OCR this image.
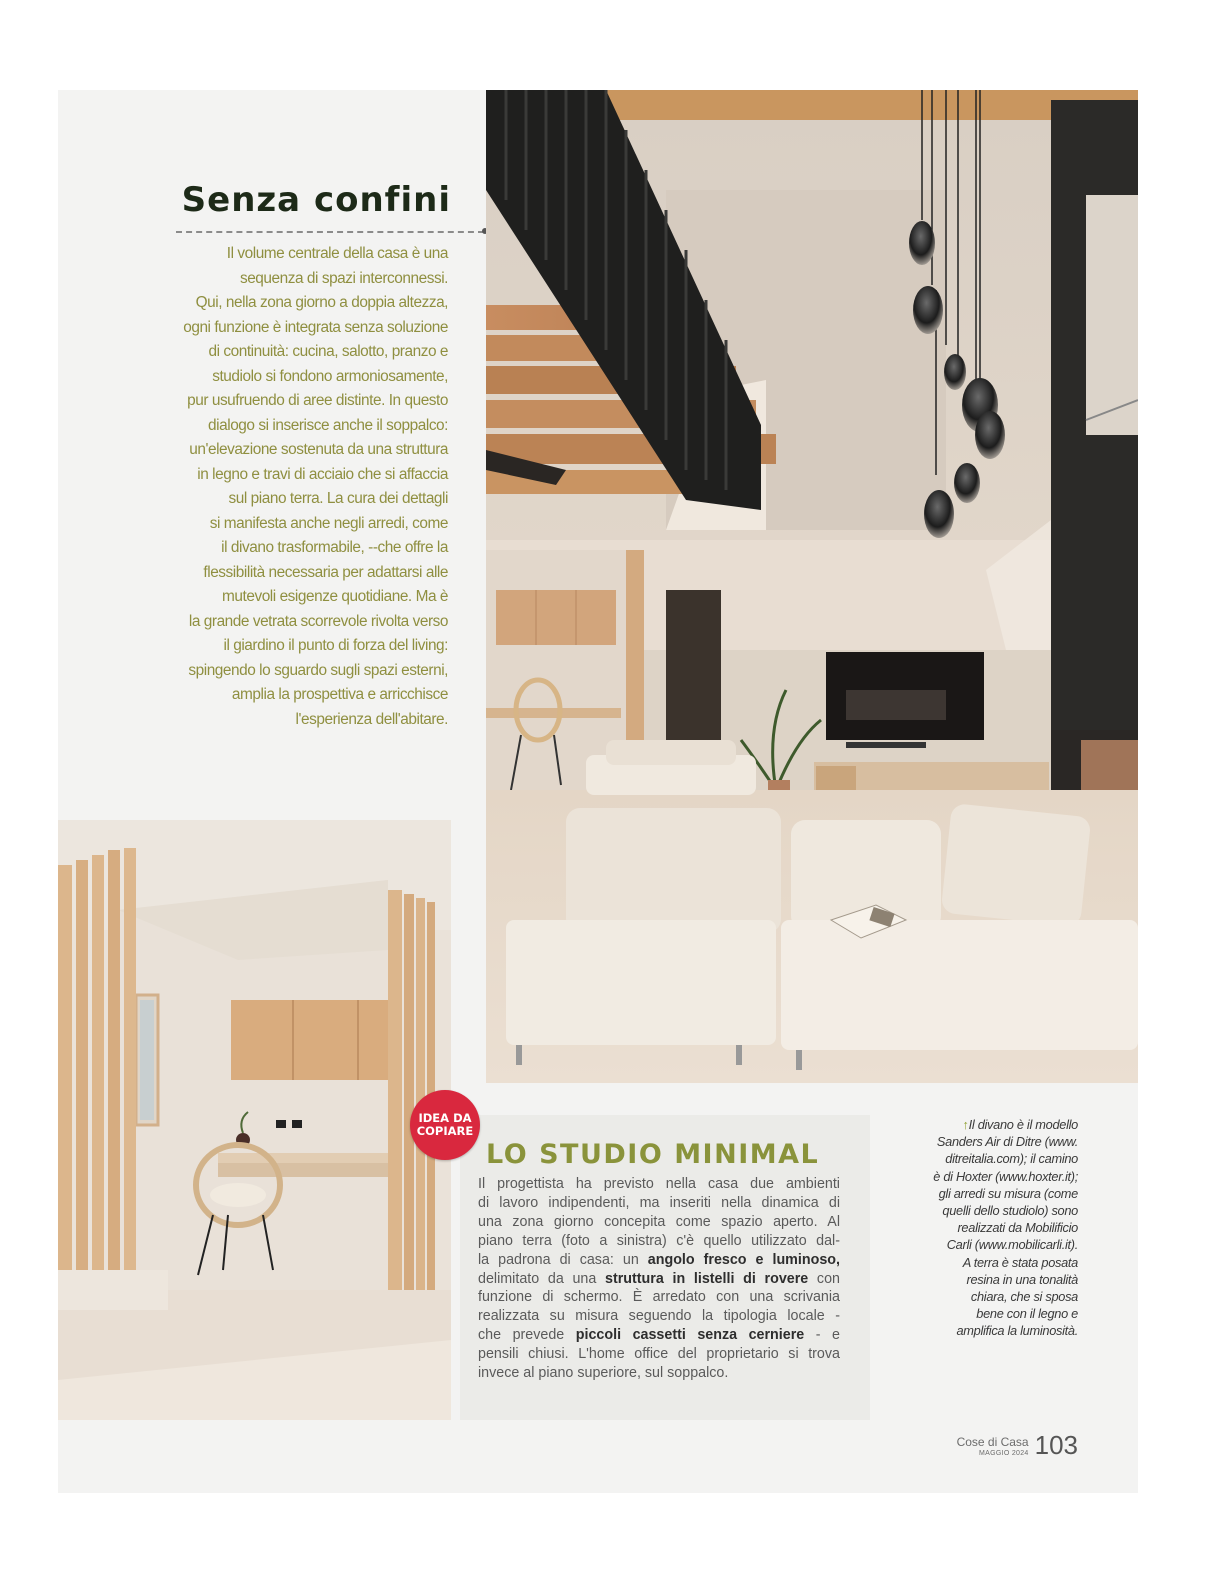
Senza confini
Il volume centrale della casa è una
sequenza di spazi interconnessi.
Qui, nella zona giorno a doppia altezza,
ogni funzione è integrata senza soluzione
di continuità: cucina, salotto, pranzo e
studiolo si fondono armoniosamente,
pur usufruendo di aree distinte. In questo
dialogo si inserisce anche il soppalco:
un'elevazione sostenuta da una struttura
in legno e travi di acciaio che si affaccia
sul piano terra. La cura dei dettagli
si manifesta anche negli arredi, come
il divano trasformabile, --che offre la
flessibilità necessaria per adattarsi alle
mutevoli esigenze quotidiane. Ma è
la grande vetrata scorrevole rivolta verso
il giardino il punto di forza del living:
spingendo lo sguardo sugli spazi esterni,
amplia la prospettiva e arricchisce
l'esperienza dell'abitare.
LO STUDIO MINIMAL
Il progettista ha previsto nella casa due ambienti
di lavoro indipendenti, ma inseriti nella dinamica di
una zona giorno concepita come spazio aperto. Al
piano terra (foto a sinistra) c'è quello utilizzato dal-
la padrona di casa: un angolo fresco e luminoso,
delimitato da una struttura in listelli di rovere con
funzione di schermo. È arredato con una scrivania
realizzata su misura seguendo la tipologia locale -
che prevede piccoli cassetti senza cerniere - e
pensili chiusi. L'home office del proprietario si trova
invece al piano superiore, sul soppalco.
IDEA DA
COPIARE	↑Il divano è il modello
Sanders Air di Ditre (www.
ditreitalia.com); il camino
è di Hoxter (www.hoxter.it);
gli arredi su misura (come
quelli dello studiolo) sono
realizzati da Mobilificio
Carli (www.mobilicarli.it).
A terra è stata posata
resina in una tonalità
chiara, che si sposa
bene con il legno e
amplifica la luminosità.
Cose di Casa
MAGGIO 2024 103
